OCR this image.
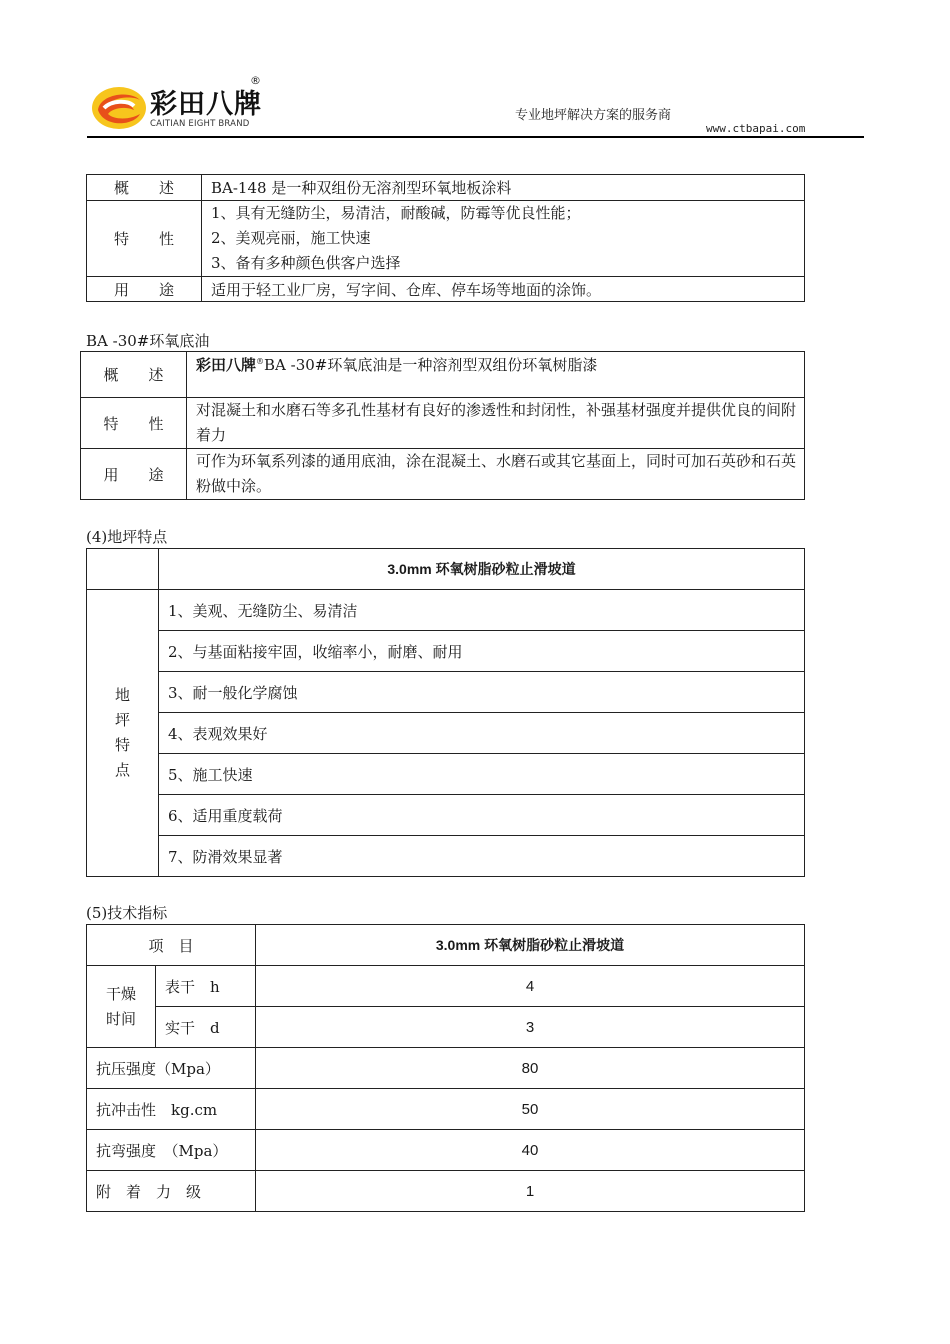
彩田八牌
CAITIAN EIGHT BRAND
®
专业地坪解决方案的服务商
www.ctbapai.com
概　　述	BA-148 是一种双组份无溶剂型环氧地板涂料
特　　性	1、具有无缝防尘，易清洁，耐酸碱，防霉等优良性能；
2、美观亮丽，施工快速
3、备有多种颜色供客户选择

用　　途	适用于轻工业厂房，写字间、仓库、停车场等地面的涂饰。
BA -30#环氧底油
概　　述	彩田八牌®BA -30#环氧底油是一种溶剂型双组份环氧树脂漆
特　　性	对混凝土和水磨石等多孔性基材有良好的渗透性和封闭性，补强基材强度并提供优良的间附着力
用　　途	可作为环氧系列漆的通用底油，涂在混凝土、水磨石或其它基面上，同时可加石英砂和石英粉做中涂。
(4)地坪特点
	3.0mm 环氧树脂砂粒止滑坡道

地
坪
特
点	1、美观、无缝防尘、易清洁
	2、与基面粘接牢固，收缩率小，耐磨、耐用
	3、耐一般化学腐蚀
	4、表观效果好
	5、施工快速
	6、适用重度载荷
	7、防滑效果显著
(5)技术指标
项　目		3.0mm 环氧树脂砂粒止滑坡道

干燥
时间	表干　h	4
	实干　d	3
抗压强度（Mpa）		80
抗冲击性　kg.cm		50
抗弯强度　（Mpa）		40
附　着　力　级		1
